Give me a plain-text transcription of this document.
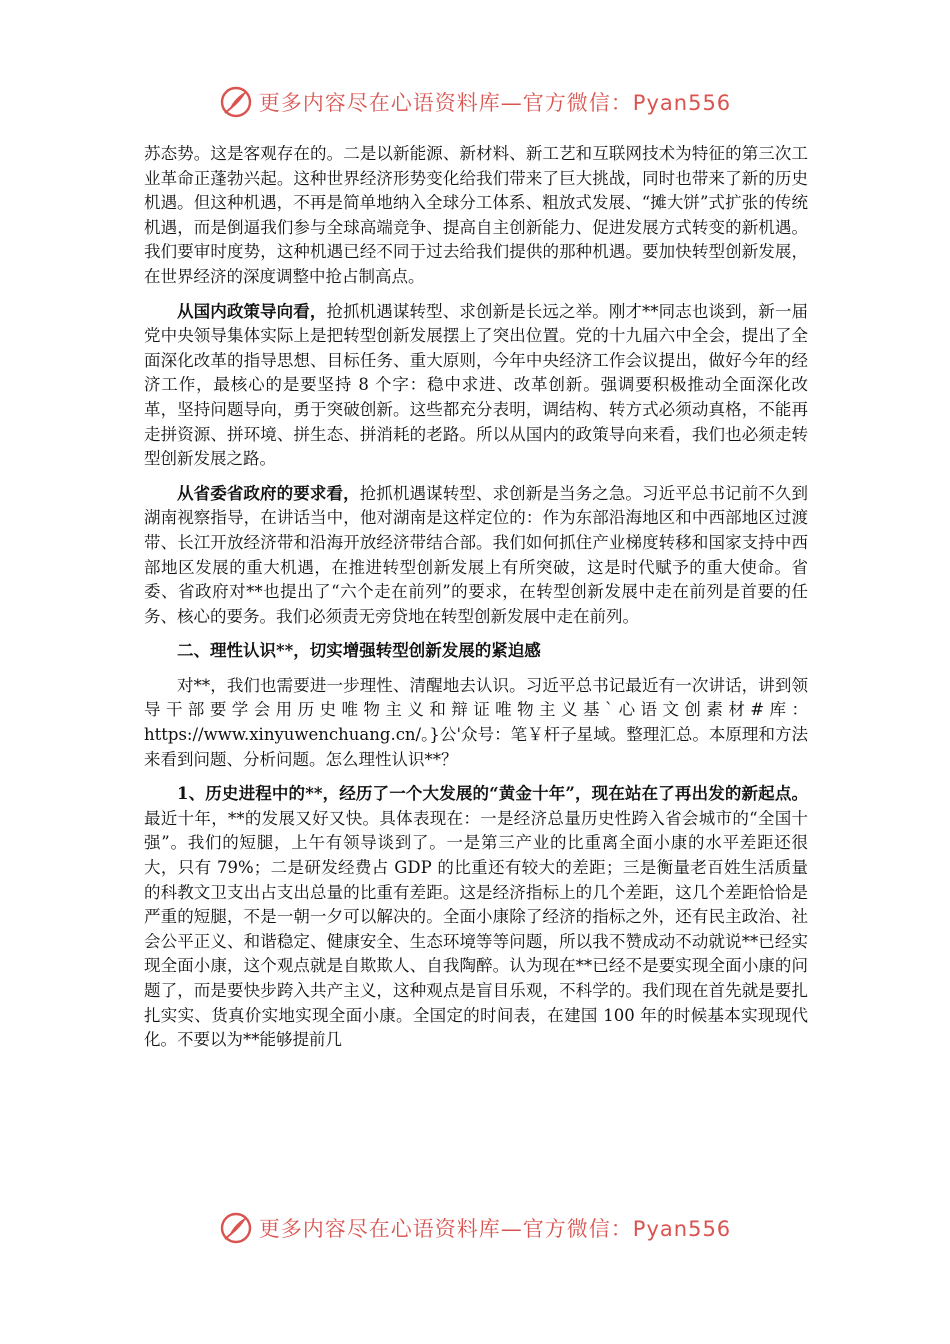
更多内容尽在心语资料库—官方微信：Pyan556

苏态势。这是客观存在的。二是以新能源、新材料、新工艺和互联网技术为特征的第三次工业革命正蓬勃兴起。这种世界经济形势变化给我们带来了巨大挑战，同时也带来了新的历史机遇。但这种机遇，不再是简单地纳入全球分工体系、粗放式发展、“摊大饼”式扩张的传统机遇，而是倒逼我们参与全球高端竞争、提高自主创新能力、促进发展方式转变的新机遇。我们要审时度势，这种机遇已经不同于过去给我们提供的那种机遇。要加快转型创新发展，在世界经济的深度调整中抢占制高点。

从国内政策导向看，抢抓机遇谋转型、求创新是长远之举。刚才**同志也谈到，新一届党中央领导集体实际上是把转型创新发展摆上了突出位置。党的十九届六中全会，提出了全面深化改革的指导思想、目标任务、重大原则，今年中央经济工作会议提出，做好今年的经济工作，最核心的是要坚持 8 个字：稳中求进、改革创新。强调要积极推动全面深化改革，坚持问题导向，勇于突破创新。这些都充分表明，调结构、转方式必须动真格，不能再走拼资源、拼环境、拼生态、拼消耗的老路。所以从国内的政策导向来看，我们也必须走转型创新发展之路。

从省委省政府的要求看，抢抓机遇谋转型、求创新是当务之急。习近平总书记前不久到湖南视察指导，在讲话当中，他对湖南是这样定位的：作为东部沿海地区和中西部地区过渡带、长江开放经济带和沿海开放经济带结合部。我们如何抓住产业梯度转移和国家支持中西部地区发展的重大机遇，在推进转型创新发展上有所突破，这是时代赋予的重大使命。省委、省政府对**也提出了“六个走在前列”的要求，在转型创新发展中走在前列是首要的任务、核心的要务。我们必须责无旁贷地在转型创新发展中走在前列。

二、理性认识**，切实增强转型创新发展的紧迫感

对**，我们也需要进一步理性、清醒地去认识。习近平总书记最近有一次讲话，讲到领导干部要学会用历史唯物主义和辩证唯物主义基`心语文创素材#库：https://www.xinyuwenchuang.cn/。}公'众号：笔￥杆子星域。整理汇总。本原理和方法来看到问题、分析问题。怎么理性认识**？

1、历史进程中的**，经历了一个大发展的“黄金十年”，现在站在了再出发的新起点。最近十年，**的发展又好又快。具体表现在：一是经济总量历史性跨入省会城市的“全国十强”。我们的短腿，上午有领导谈到了。一是第三产业的比重离全面小康的水平差距还很大，只有 79%；二是研发经费占 GDP 的比重还有较大的差距；三是衡量老百姓生活质量的科教文卫支出占支出总量的比重有差距。这是经济指标上的几个差距，这几个差距恰恰是严重的短腿，不是一朝一夕可以解决的。全面小康除了经济的指标之外，还有民主政治、社会公平正义、和谐稳定、健康安全、生态环境等等问题，所以我不赞成动不动就说**已经实现全面小康，这个观点就是自欺欺人、自我陶醉。认为现在**已经不是要实现全面小康的问题了，而是要快步跨入共产主义，这种观点是盲目乐观，不科学的。我们现在首先就是要扎扎实实、货真价实地实现全面小康。全国定的时间表，在建国 100 年的时候基本实现现代化。不要以为**能够提前几

更多内容尽在心语资料库—官方微信：Pyan556
